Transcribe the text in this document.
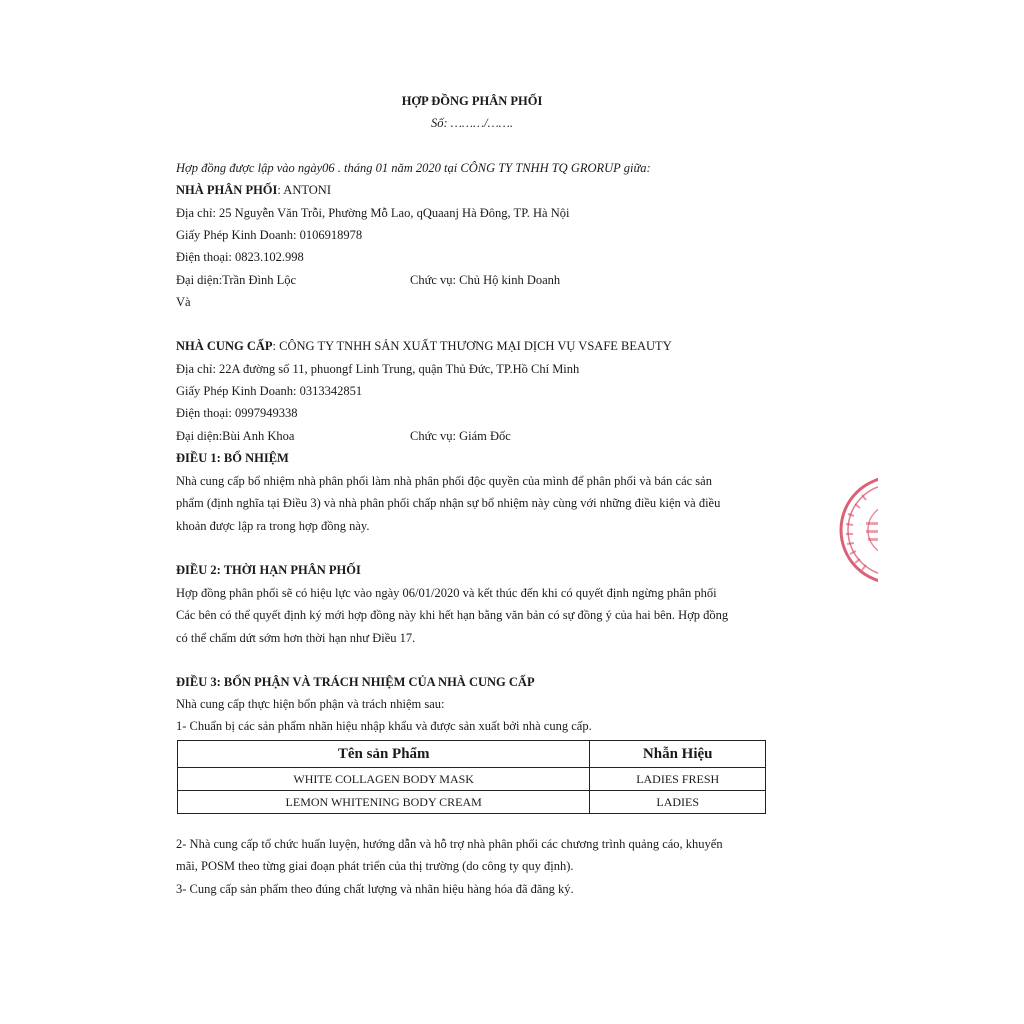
HỢP ĐỒNG PHÂN PHỐI
Số: ………/…….
Hợp đồng được lập vào ngày06 . tháng 01 năm 2020 tại CÔNG TY TNHH TQ GRORUP giữa:
NHÀ PHÂN PHỐI: ANTONI
Địa chỉ: 25 Nguyễn Văn Trỗi, Phường Mỗ Lao, qQuaanj Hà Đông, TP. Hà Nội
Giấy Phép Kinh Doanh: 0106918978
Điện thoại: 0823.102.998
Đại diện:Trần Đình Lộc	Chức vụ: Chủ Hộ kinh Doanh
Và
NHÀ CUNG CẤP: CÔNG TY TNHH SẢN XUẤT THƯƠNG MẠI DỊCH VỤ VSAFE BEAUTY
Địa chỉ: 22A đường số 11, phuongf Linh Trung, quận Thủ Đức, TP.Hồ Chí Minh
Giấy Phép Kinh Doanh: 0313342851
Điện thoại: 0997949338
Đại diện:Bùi Anh Khoa	Chức vụ: Giám Đốc
ĐIỀU 1: BỔ NHIỆM
Nhà cung cấp bổ nhiệm nhà phân phối làm nhà phân phối độc quyền của mình để phân phối và bán các sản
phẩm (định nghĩa tại Điều 3) và nhà phân phối chấp nhận sự bổ nhiệm này cùng với những điều kiện và điều
khoản được lập ra trong hợp đồng này.
ĐIỀU 2: THỜI HẠN PHÂN PHỐI
Hợp đồng phân phối sẽ có hiệu lực vào ngày 06/01/2020 và kết thúc đến khi có quyết định ngừng phân phối
Các bên có thể quyết định ký mới hợp đồng này khi hết hạn bằng văn bản có sự đồng ý của hai bên. Hợp đồng
có thể chấm dứt sớm hơn thời hạn như Điều 17.
ĐIỀU 3: BỔN PHẬN VÀ TRÁCH NHIỆM CỦA NHÀ CUNG CẤP
Nhà cung cấp thực hiện bổn phận và trách nhiệm sau:
1- Chuẩn bị các sản phẩm nhãn hiệu nhập khẩu và được sản xuất bởi nhà cung cấp.
Tên sản Phẩm	Nhẫn Hiệu
WHITE COLLAGEN BODY MASK	LADIES FRESH
LEMON WHITENING BODY CREAM	LADIES
2- Nhà cung cấp tổ chức huấn luyện, hướng dẫn và hỗ trợ nhà phân phối các chương trình quảng cáo, khuyến
mãi, POSM theo từng giai đoạn phát triển của thị trường (do công ty quy định).
3- Cung cấp sản phẩm theo đúng chất lượng và nhãn hiệu hàng hóa đã đăng ký.
